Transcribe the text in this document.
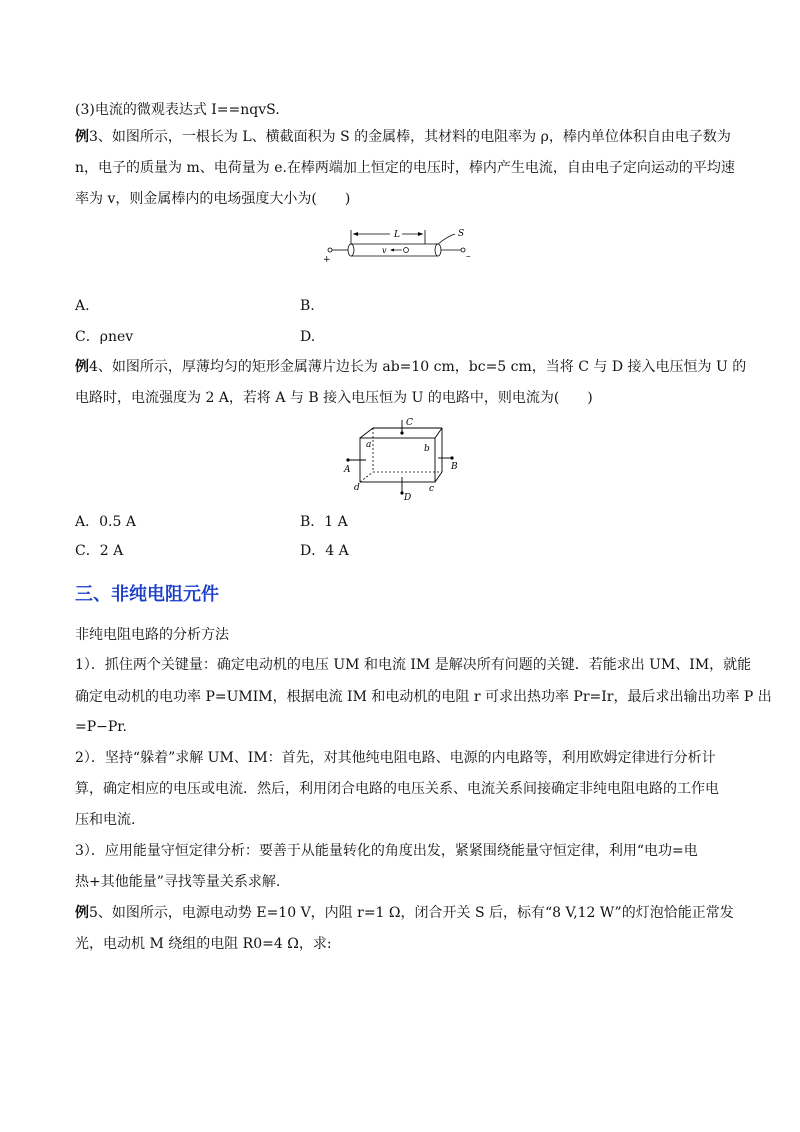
(3)电流的微观表达式 I==nqvS.
例3、如图所示，一根长为 L、横截面积为 S 的金属棒，其材料的电阻率为 ρ，棒内单位体积自由电子数为
n，电子的质量为 m、电荷量为 e.在棒两端加上恒定的电压时，棒内产生电流，自由电子定向运动的平均速
率为 v，则金属棒内的电场强度大小为(　　)
L
+	–
v
S
A.	B.
C．ρnev	D.
例4、如图所示，厚薄均匀的矩形金属薄片边长为 ab=10 cm，bc=5 cm，当将 C 与 D 接入电压恒为 U 的
电路时，电流强度为 2 A，若将 A 与 B 接入电压恒为 U 的电路中，则电流为(　　)
a	b
c
d
C
D
A	B
A．0.5 A	B．1 A
C．2 A	D．4 A
三、非纯电阻元件
非纯电阻电路的分析方法
1）．抓住两个关键量：确定电动机的电压 UM 和电流 IM 是解决所有问题的关键．若能求出 UM、IM，就能
确定电动机的电功率 P=UMIM，根据电流 IM 和电动机的电阻 r 可求出热功率 Pr=Ir，最后求出输出功率 P 出
=P−Pr.
2）．坚持“躲着”求解 UM、IM：首先，对其他纯电阻电路、电源的内电路等，利用欧姆定律进行分析计
算，确定相应的电压或电流．然后，利用闭合电路的电压关系、电流关系间接确定非纯电阻电路的工作电
压和电流.
3）．应用能量守恒定律分析：要善于从能量转化的角度出发，紧紧围绕能量守恒定律，利用“电功=电
热+其他能量”寻找等量关系求解.
例5、如图所示，电源电动势 E=10 V，内阻 r=1 Ω，闭合开关 S 后，标有“8 V,12 W”的灯泡恰能正常发
光，电动机 M 绕组的电阻 R0=4 Ω，求:
